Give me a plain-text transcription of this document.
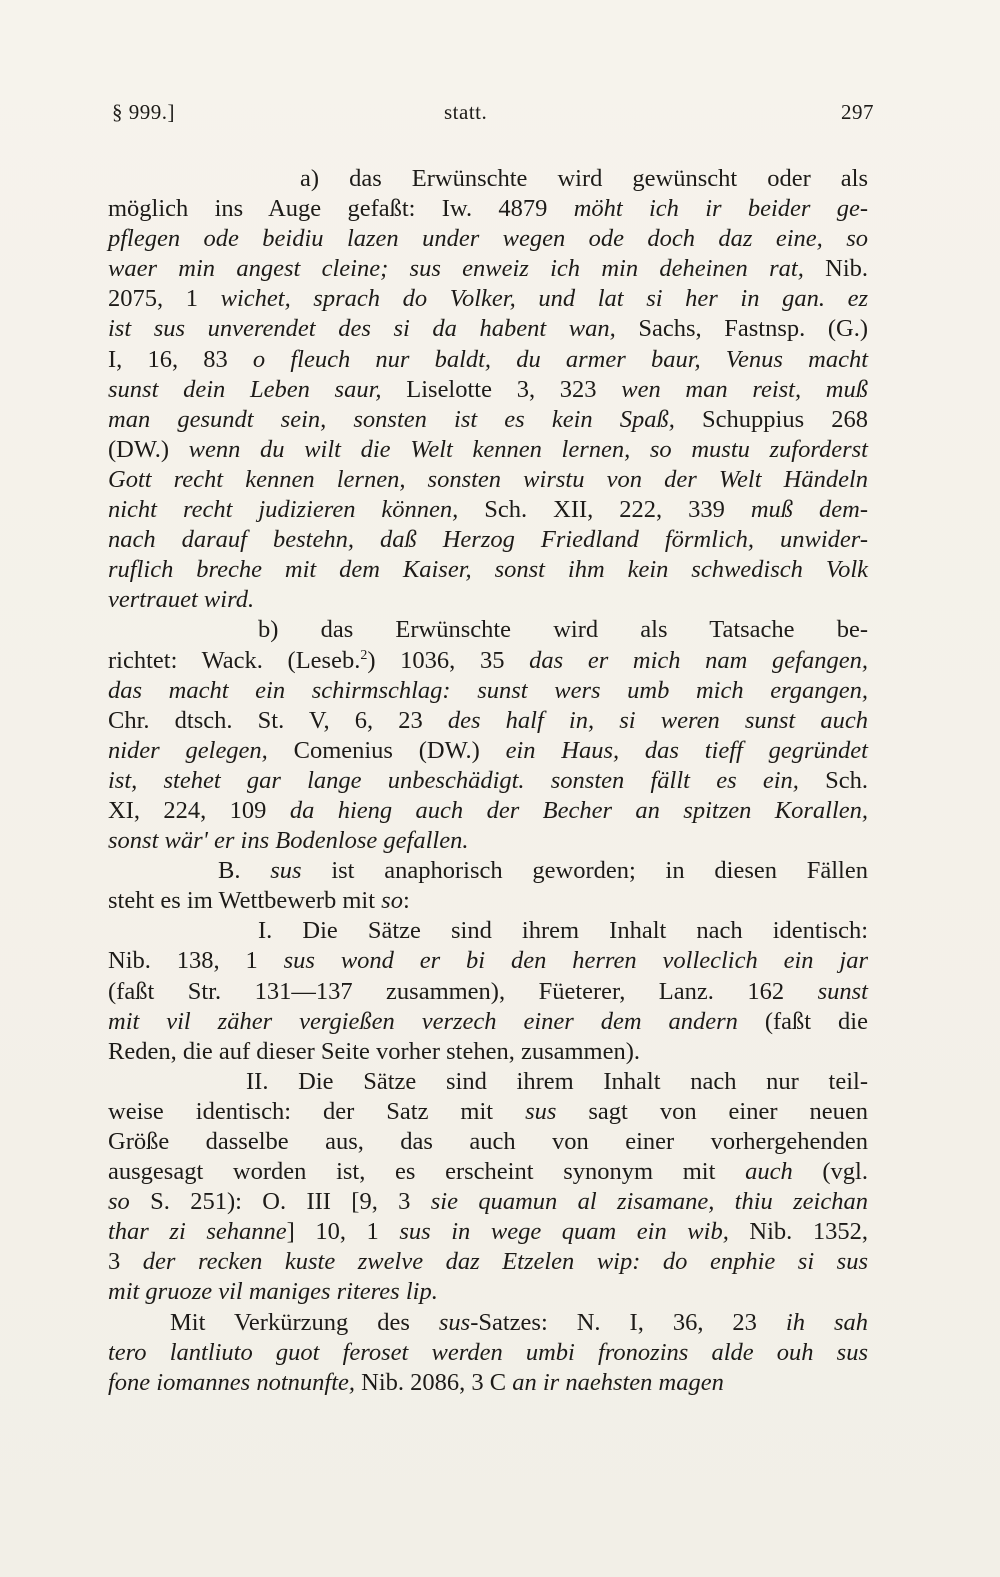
§ 999.]	statt.	297
a) das Erwünschte wird gewünscht oder als
möglich ins Auge gefaßt: Iw. 4879 möht ich ir beider ge-
pflegen ode beidiu lazen under wegen ode doch daz eine, so
waer min angest cleine; sus enweiz ich min deheinen rat, Nib.
2075, 1 wichet, sprach do Volker, und lat si her in gan. ez
ist sus unverendet des si da habent wan, Sachs, Fastnsp. (G.)
I, 16, 83 o fleuch nur baldt, du armer baur, Venus macht
sunst dein Leben saur, Liselotte 3, 323 wen man reist, muß
man gesundt sein, sonsten ist es kein Spaß, Schuppius 268
(DW.) wenn du wilt die Welt kennen lernen, so mustu zuforderst
Gott recht kennen lernen, sonsten wirstu von der Welt Händeln
nicht recht judizieren können, Sch. XII, 222, 339 muß dem-
nach darauf bestehn, daß Herzog Friedland förmlich, unwider-
ruflich breche mit dem Kaiser, sonst ihm kein schwedisch Volk
vertrauet wird.
b) das Erwünschte wird als Tatsache be-
richtet: Wack. (Leseb.$^2$) 1036, 35 das er mich nam gefangen,
das macht ein schirmschlag: sunst wers umb mich ergangen,
Chr. dtsch. St. V, 6, 23 des half in, si weren sunst auch
nider gelegen, Comenius (DW.) ein Haus, das tieff gegründet
ist, stehet gar lange unbeschädigt. sonsten fällt es ein, Sch.
XI, 224, 109 da hieng auch der Becher an spitzen Korallen,
sonst wär' er ins Bodenlose gefallen.
B. sus ist anaphorisch geworden; in diesen Fällen
steht es im Wettbewerb mit so:
I. Die Sätze sind ihrem Inhalt nach identisch:
Nib. 138, 1 sus wond er bi den herren volleclich ein jar
(faßt Str. 131—137 zusammen), Füeterer, Lanz. 162 sunst
mit vil zäher vergießen verzech einer dem andern (faßt die
Reden, die auf dieser Seite vorher stehen, zusammen).
II. Die Sätze sind ihrem Inhalt nach nur teil-
weise identisch: der Satz mit sus sagt von einer neuen
Größe dasselbe aus, das auch von einer vorhergehenden
ausgesagt worden ist, es erscheint synonym mit auch (vgl.
so S. 251): O. III [9, 3 sie quamun al zisamane, thiu zeichan
thar zi sehanne] 10, 1 sus in wege quam ein wib, Nib. 1352,
3 der recken kuste zwelve daz Etzelen wip: do enphie si sus
mit gruoze vil maniges riteres lip.
Mit Verkürzung des sus-Satzes: N. I, 36, 23 ih sah
tero lantliuto guot feroset werden umbi fronozins alde ouh sus
fone iomannes notnunfte, Nib. 2086, 3 C an ir naehsten magen
